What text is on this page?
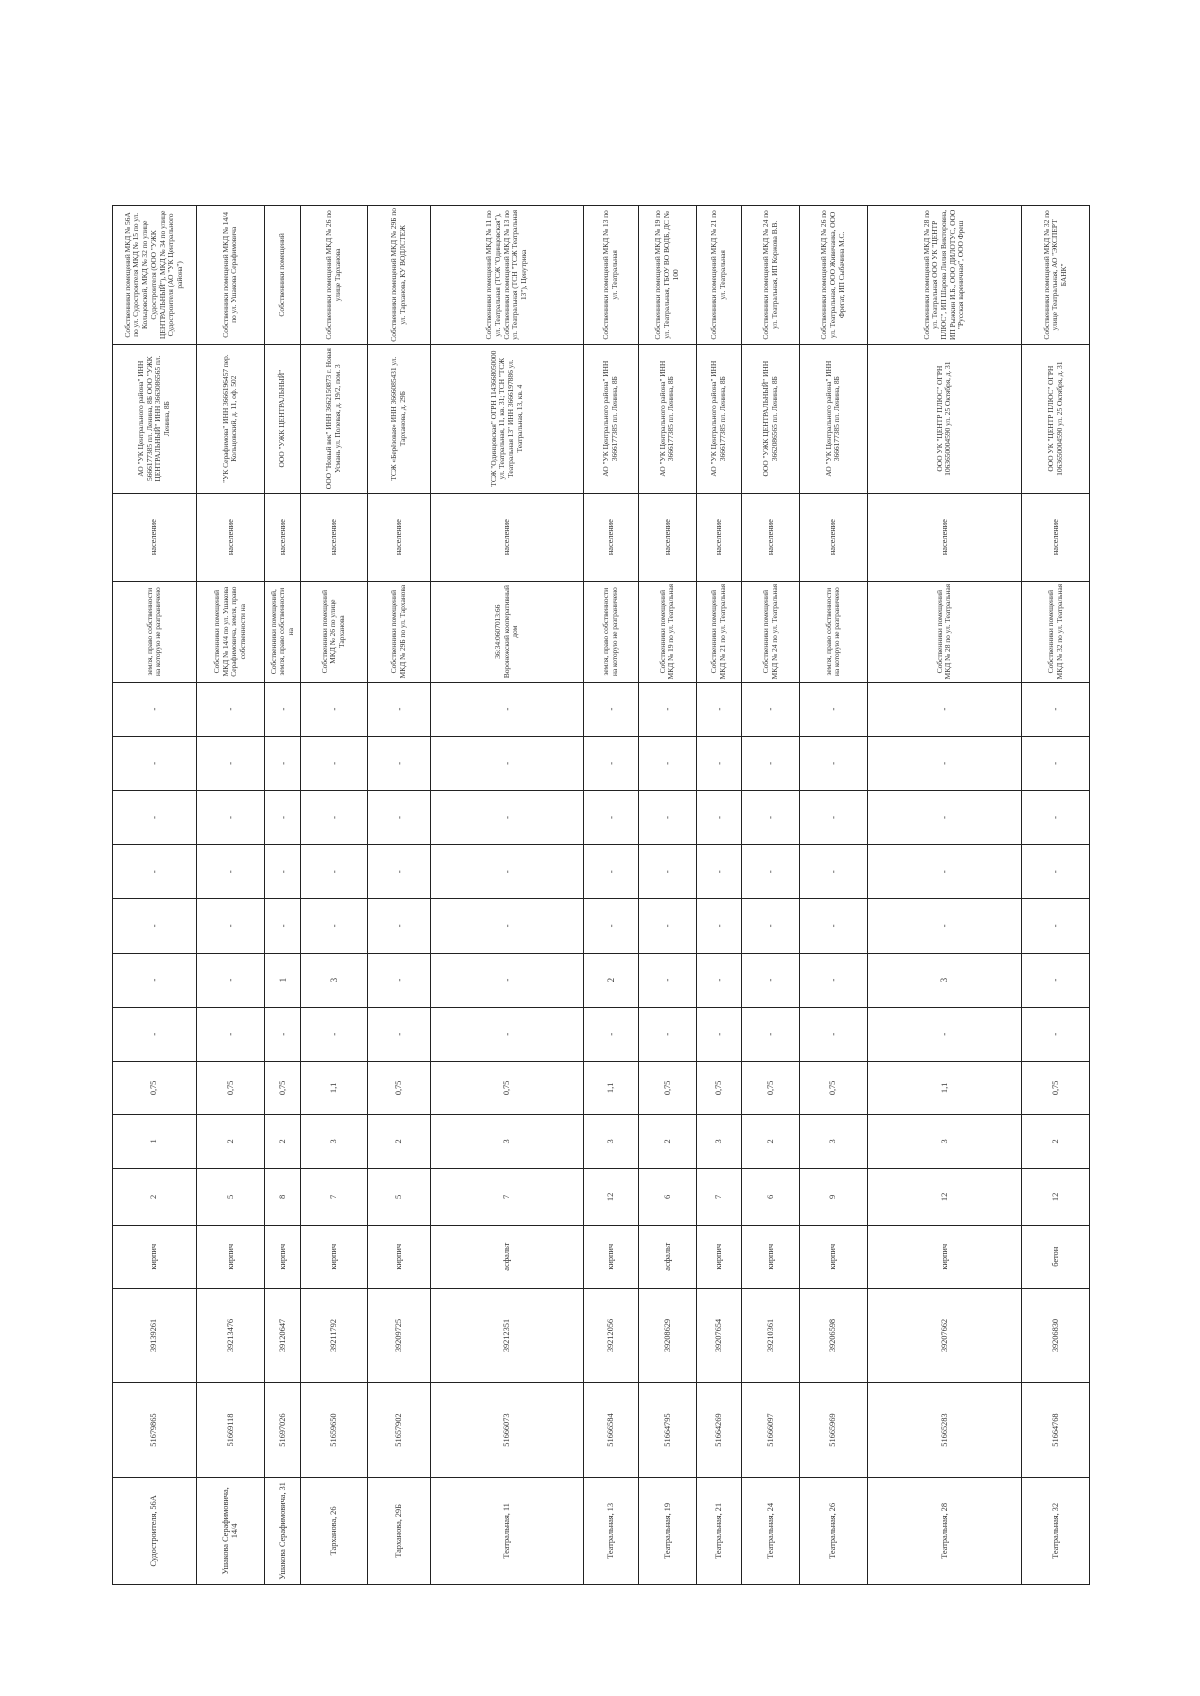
Судостроителя, 56А	51679865	39139261	кирпич	2	1	0,75	-	-	-	-	-	-	-	земля, право собственности на которую не разграничено	население	АО "УК Центрального района" ИНН 5666177385 пл. Ленина, 8Б ООО "УЖК ЦЕНТРАЛЬНЫЙ" ИНН 3663086565 пл. Ленина, 8Б	Собственники помещений МКД № 56А по ул. Судостроителя МКД № 15 по ул. Кольцовской, МКД № 32 по улице Судостроителя (ООО "УЖК ЦЕНТРАЛЬНЫЙ"), МКД № 34 по улице Судостроителя (АО "УК Центрального района")
Ушакова Серафимовича, 14/4	51669118	39213476	кирпич	5	2	0,75	-	-	-	-	-	-	-	Собственники помещений МКД № 14/4 по ул. Ушакова Серафимовича, земля, право собственности на	население	"УК Серафимова" ИНН 3666196457 пер. Кольцовский, д. 11, оф. 502	Собственники помещений МКД № 14/4 по ул. Ушакова Серафимовича
Ушакова Серафимовича, 31	51697026	39120647	кирпич	8	2	0,75	-	1	-	-	-	-	-	Собственники помещений, земля, право собственности на	население	ООО "УЖК ЦЕНТРАЛЬНЫЙ"	Собственники помещений
Тарханова, 26	51659650	39211792	кирпич	7	3	1,1	-	3	-	-	-	-	-	Собственники помещений МКД № 26 по улице Тарханова	население	ООО "Новый век" ИНН 3662150873 г. Новая Усмань ул. Полевая, д. 19/2, пом. 3	Собственники помещений МКД № 26 по улице Тарханова
Тарханова, 29Б	51657902	39209725	кирпич	5	2	0,75	-	-	-	-	-	-	-	Собственники помещений МКД № 29Б по ул. Тарханова	население	ТСЖ «Берёзовая» ИНН 3666085431 ул. Тарханова, д. 29Б	Собственники помещений МКД № 29Б по ул. Тарханова, КУ ВОДЛСТЕЖ
Театральная, 11	51666073	39212351	асфальт	7	3	0,75	-	-	-	-	-	-	-	36:34:0607013:66 Воронежский кооперативный дом	население	ТСЖ "Одинцовская" ОГРН 1143668050000 ул. Театральная, 11, кв. 31; ТСН "ТСЖ Театральная 13" ИНН 3666197886 ул. Театральная, 13, кв. 4	Собственники помещений МКД № 11 по ул. Театральная (ТСЖ "Одинцовская"), Собственники помещений МКД № 13 по ул. Театральная (ТСН "ТСЖ Театральная 13"), Ценутрика
Театральная, 13	51666584	39212056	кирпич	12	3	1,1	-	2	-	-	-	-	-	земля, право собственности на которую не разграничено	население	АО "УК Центрального района" ИНН 3666177385 пл. Ленина, 8Б	Собственники помещений МКД № 13 по ул. Театральная
Театральная, 19	51664795	39208629	асфальт	6	2	0,75	-	-	-	-	-	-	-	Собственники помещений МКД № 19 по ул. Театральная	население	АО "УК Центрального района" ИНН 3666177385 пл. Ленина, 8Б	Собственники помещений МКД № 19 по ул. Театральная, ГБОУ ВО ВОДБ, ДС № 100
Театральная, 21	51664269	39207654	кирпич	7	3	0,75	-	-	-	-	-	-	-	Собственники помещений МКД № 21 по ул. Театральная	население	АО "УК Центрального района" ИНН 3666177385 пл. Ленина, 8Б	Собственники помещений МКД № 21 по ул. Театральная
Театральная, 24	51666097	39210361	кирпич	6	2	0,75	-	-	-	-	-	-	-	Собственники помещений МКД № 24 по ул. Театральная	население	ООО "УЖК ЦЕНТРАЛЬНЫЙ" ИНН 3662086565 пл. Ленина, 8Б	Собственники помещений МКД № 24 по ул. Театральная, ИП Коржова В.В.
Театральная, 26	51665969	39206598	кирпич	9	3	0,75	-	-	-	-	-	-	-	земля, право собственности на которую не разграничено	население	АО "УК Центрального района" ИНН 3666177385 пл. Ленина, 8Б	Собственники помещений МКД № 26 по ул. Театральная, ООО Живичанка, ООО Фрегат, ИП Сыбачина М.С.
Театральная, 28	51665283	39207662	кирпич	12	3	1,1	-	3	-	-	-	-	-	Собственники помещений МКД № 28 по ул. Театральная	население	ООО УК "ЦЕНТР ПЛЮС" ОГРН 1063650004590 ул. 25 Октября, д. 31	Собственники помещений МКД № 28 по ул. Театральная ООО УК "ЦЕНТР ПЛЮС", ИП Шарова Лилия Викторовна, ИП Рыжкин И.Б., ООО ДИЛОТУС, ООО "Русская вареничная", ООО Фреш
Театральная, 32	51664768	39206830	бетон	12	2	0,75	-	-	-	-	-	-	-	Собственники помещений МКД № 32 по ул. Театральная	население	ООО УК "ЦЕНТР ПЛЮС" ОГРН 1063650004590 ул. 25 Октября, д. 31	Собственники помещений МКД № 32 по улице Театральная, АО "ЭКСПЕРТ БАНК"
